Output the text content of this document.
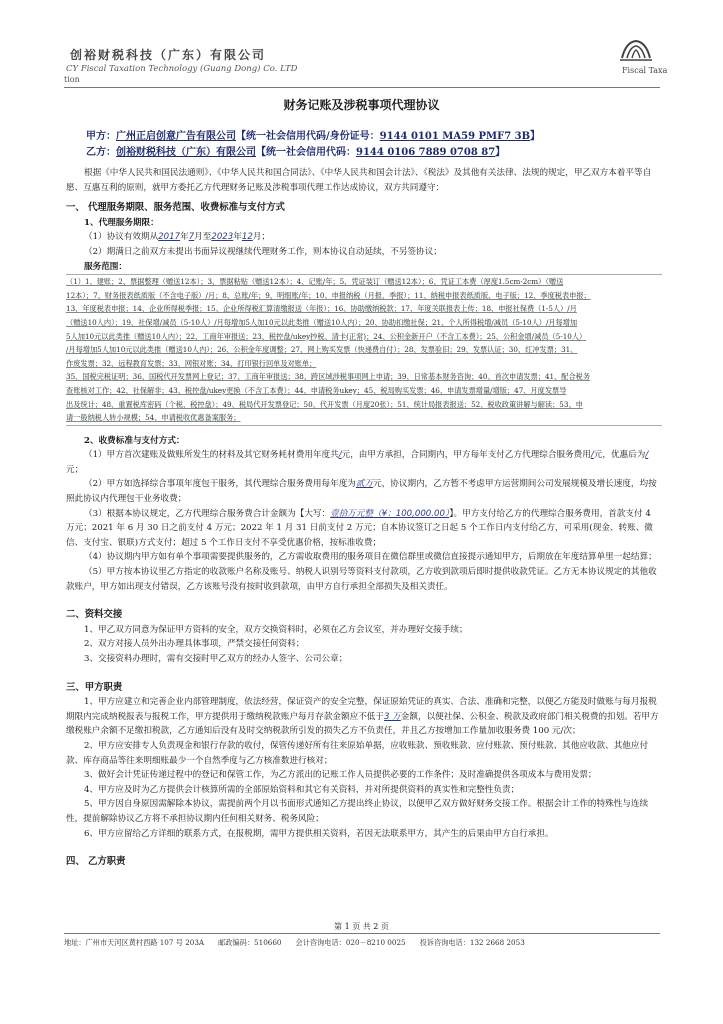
创裕财税科技（广东）有限公司
CY Fiscal Taxation Technology (Guang Dong) Co. LTD
tion
Fiscal Taxa
财务记账及涉税事项代理协议
甲方：广州正启创意广告有限公司【统一社会信用代码/身份证号：9144 0101 MA59 PMF7 3B】
乙方：创裕财税科技（广东）有限公司【统一社会信用代码：9144 0106 7889 0708 87】

根据《中华人民共和国民法通则》、《中华人民共和国合同法》、《中华人民共和国会计法》、《税法》及其他有关法律、法规的规定，甲乙双方本着平等自愿、互惠互利的原则，就甲方委托乙方代理财务记账及涉税事项代理工作达成协议，双方共同遵守：

一、 代理服务期限、服务范围、收费标准与支付方式

1、代理服务期限：

（1）协议有效期从2017年7月至2023年12月；

（2）期满日之前双方未提出书面异议视继续代理财务工作，则本协议自动延续，不另签协议；

服务范围：

（1）1、建账；2、票据整理（赠送12本）；3、票据粘贴（赠送12本）；4、记账/年；5、凭证装订（赠送12本）；6、凭证工本费（厚度1.5cm-2cm）（赠送
12本）；7、财务报表纸质版（不含电子版）/月；8、总账/年；9、明细账/年；10、申报纳税（月报、季报）；11、纳税申报表纸质版、电子版；12、季度税表申报；
13、年度税表申报；14、企业所得税季报；15、企业所得税汇算清缴报送（年报）；16、协助缴纳税款；17、年度关联报表上传；18、申报社保费（1-5人）/月
（赠送10人内）；19、社保增/减员（5-10人）/月每增加5人加10元以此类推（赠送10人内）；20、协助扣缴社保；21、个人所得税增/减员（5-10人）/月每增加
5人加10元以此类推（赠送10人内）；22、工商年审报送；23、税控盘/ukey抄税、清卡(正常)；24、公积金新开户（不含工本费）；25、公积金增/减员（5-10人）
/月每增加5人加10元以此类推（赠送10人内）；26、公积金年度调整；27、网上购买发票（快递费自付）；28、发票验旧；29、发票认证；30、红冲发票；31、
作废发票；32、远程教育发票；33、网银对账；34、打印银行回单及对账单；
35、国税完税证明；36、国税代开发票网上登记；37、工商年审报送；38、跨区域涉税事项网上申请；39、日常基本财务咨询；40、首次申请发票；41、配合税务
查账核对工作；42、社保解非；43、税控盘/ukey更换（不含工本费）；44、申请税务ukey；45、税局购买发票；46、申请发票增量/增版；47、月度发票导
出及统计；48、重置税库密码（个税、税控盘）；49、税局代开发票登记；50、代开发票（月度20张）；51、统计局报表报送；52、税收政策讲解与解读；53、申
请一般纳税人转小规模；54、申请税收优惠备案服务；

2、收费标准与支付方式：

（1）甲方首次建账及做账所发生的材料及其它财务耗材费用年度共/元，由甲方承担，合同期内，甲方每年支付乙方代理综合服务费用/元，优惠后为/元；

（2）甲方如选择综合事项年度包干服务，其代理综合服务费用每年度为贰万元，协议期内，乙方暂不考虑甲方运营期间公司发展规模及增长速度，均按照此协议内代理包干业务收费；

（3）根据本协议规定，乙方代理综合服务费合计金额为【大写：壹拾万元整（¥：100,000.00）】。甲方支付给乙方的代理综合服务费用，首款支付 4 万元；2021 年 6 月 30 日之前支付 4 万元；2022 年 1 月 31 日前支付 2 万元；自本协议签订之日起 5 个工作日内支付给乙方，可采用(现金、转账、微信、支付宝、银联)方式支付；超过 5 个工作日支付不享受优惠价格，按标准收费；

（4）协议期内甲方如有单个事项需要提供服务的，乙方需收取费用的服务项目在微信群里或微信直接提示通知甲方，后期放在年度结算单里一起结算；

（5）甲方按本协议里乙方指定的收款账户名称及账号、纳税人识别号等资料支付款项，乙方收到款项后即时提供收款凭证。乙方无本协议规定的其他收款账户，甲方如出现支付错误，乙方该账号没有按时收到款项，由甲方自行承担全部损失及相关责任。

二、资料交接

1、甲乙双方同意为保证甲方资料的安全，双方交换资料时，必须在乙方会议室，并办理好交接手续；

2、双方对接人员外出办理具体事项，严禁交接任何资料；

3、交接资料办理时，需有交接时甲乙双方的经办人签字、公司公章；

三、甲方职责

1、甲方应建立和完善企业内部管理制度，依法经营，保证资产的安全完整，保证原始凭证的真实、合法、准确和完整，以便乙方能及时做账与每月报税期限内完成纳税报表与报税工作，甲方提供用于缴纳税款账户每月存款金额应不低于3 万金额，以便社保、公积金、税款及政府部门相关税费的扣划。若甲方缴税账户余额不足缴扣税款，乙方通知后没有及时交纳税款所引发的损失乙方不负责任，并且乙方按增加工作量加收服务费 100 元/次；

2、甲方应安排专人负责现金和银行存款的收付，保管传递好所有往来原始单据，应收账款、预收账款、应付账款、预付账款、其他应收款、其他应付款、库存商品等往来明细账最少一个自然季度与乙方核准数进行核对；

3、做好会计凭证传递过程中的登记和保管工作，为乙方派出的记账工作人员提供必要的工作条件；及时准确提供各项成本与费用发票；

4、甲方应及时为乙方提供会计核算所需的全部原始资料和其它有关资料，并对所提供资料的真实性和完整性负责；

5、甲方因自身原因需解除本协议，需提前两个月以书面形式通知乙方提出终止协议，以便甲乙双方做好财务交接工作。根据会计工作的特殊性与连续性，提前解除协议乙方将不承担协议期内任何相关财务、税务风险；

6、甲方应留给乙方详细的联系方式，在报税期，需甲方提供相关资料，若因无法联系甲方，其产生的后果由甲方自行承担。

四、 乙方职责

第 1 页 共 2 页
地址：广州市天河区黄村西路 107 号 203A 邮政编码：510660 会计咨询电话：020－8210 0025 投诉咨询电话：132 2668 2053
